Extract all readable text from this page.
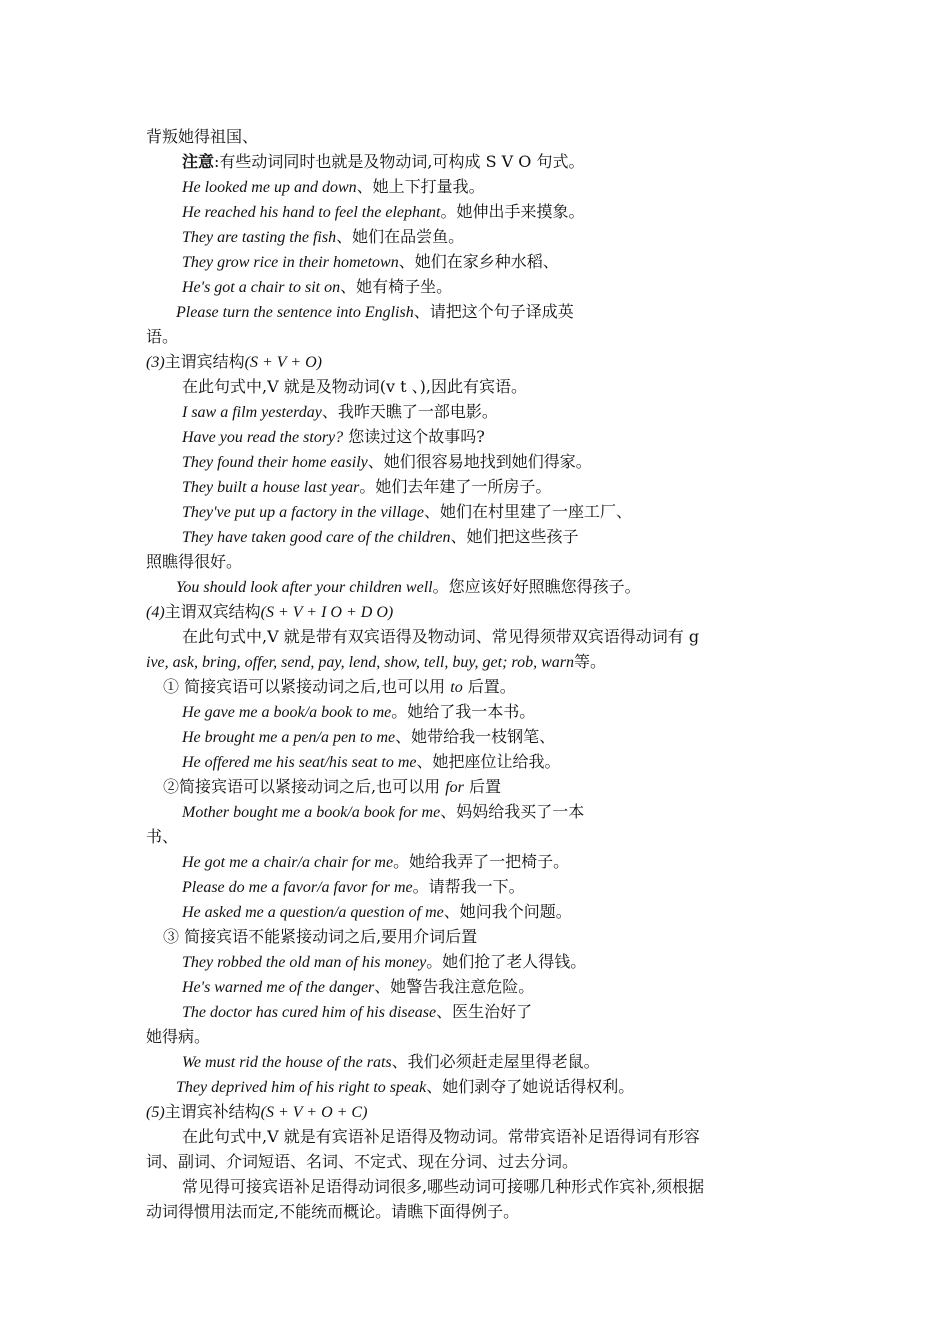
背叛她得祖国、
注意:有些动词同时也就是及物动词,可构成 S V O 句式。
He looked me up and down、她上下打量我。
He reached his hand to feel the elephant。她伸出手来摸象。
They are tasting the fish、她们在品尝鱼。
They grow rice in their hometown、她们在家乡种水稻、
He's got a chair to sit on、她有椅子坐。
Please turn the sentence into English、请把这个句子译成英
语。
(3)主谓宾结构(S + V + O)
在此句式中,V 就是及物动词(v t 、),因此有宾语。
I saw a film yesterday、我昨天瞧了一部电影。
Have you read the story? 您读过这个故事吗?
They found their home easily、她们很容易地找到她们得家。
They built a house last year。她们去年建了一所房子。
They've put up a factory in the village、她们在村里建了一座工厂、
They have taken good care of the children、她们把这些孩子
照瞧得很好。
You should look after your children well。您应该好好照瞧您得孩子。
(4)主谓双宾结构(S + V + I O + D O)
在此句式中,V 就是带有双宾语得及物动词、常见得须带双宾语得动词有 g
ive, ask, bring, offer, send, pay, lend, show, tell, buy, get; rob, warn等。
① 简接宾语可以紧接动词之后,也可以用 to 后置。
He gave me a book/a book to me。她给了我一本书。
He brought me a pen/a pen to me、她带给我一枝钢笔、
He offered me his seat/his seat to me、她把座位让给我。
②简接宾语可以紧接动词之后,也可以用 for 后置
Mother bought me a book/a book for me、妈妈给我买了一本
书、
He got me a chair/a chair for me。她给我弄了一把椅子。
Please do me a favor/a favor for me。请帮我一下。
He asked me a question/a question of me、她问我个问题。
③ 简接宾语不能紧接动词之后,要用介词后置
They robbed the old man of his money。她们抢了老人得钱。
He's warned me of the danger、她警告我注意危险。
The doctor has cured him of his disease、医生治好了
她得病。
We must rid the house of the rats、我们必须赶走屋里得老鼠。
They deprived him of his right to speak、她们剥夺了她说话得权利。
(5)主谓宾补结构(S + V + O + C)
在此句式中,V 就是有宾语补足语得及物动词。常带宾语补足语得词有形容
词、副词、介词短语、名词、不定式、现在分词、过去分词。
常见得可接宾语补足语得动词很多,哪些动词可接哪几种形式作宾补,须根据
动词得惯用法而定,不能统而概论。请瞧下面得例子。
